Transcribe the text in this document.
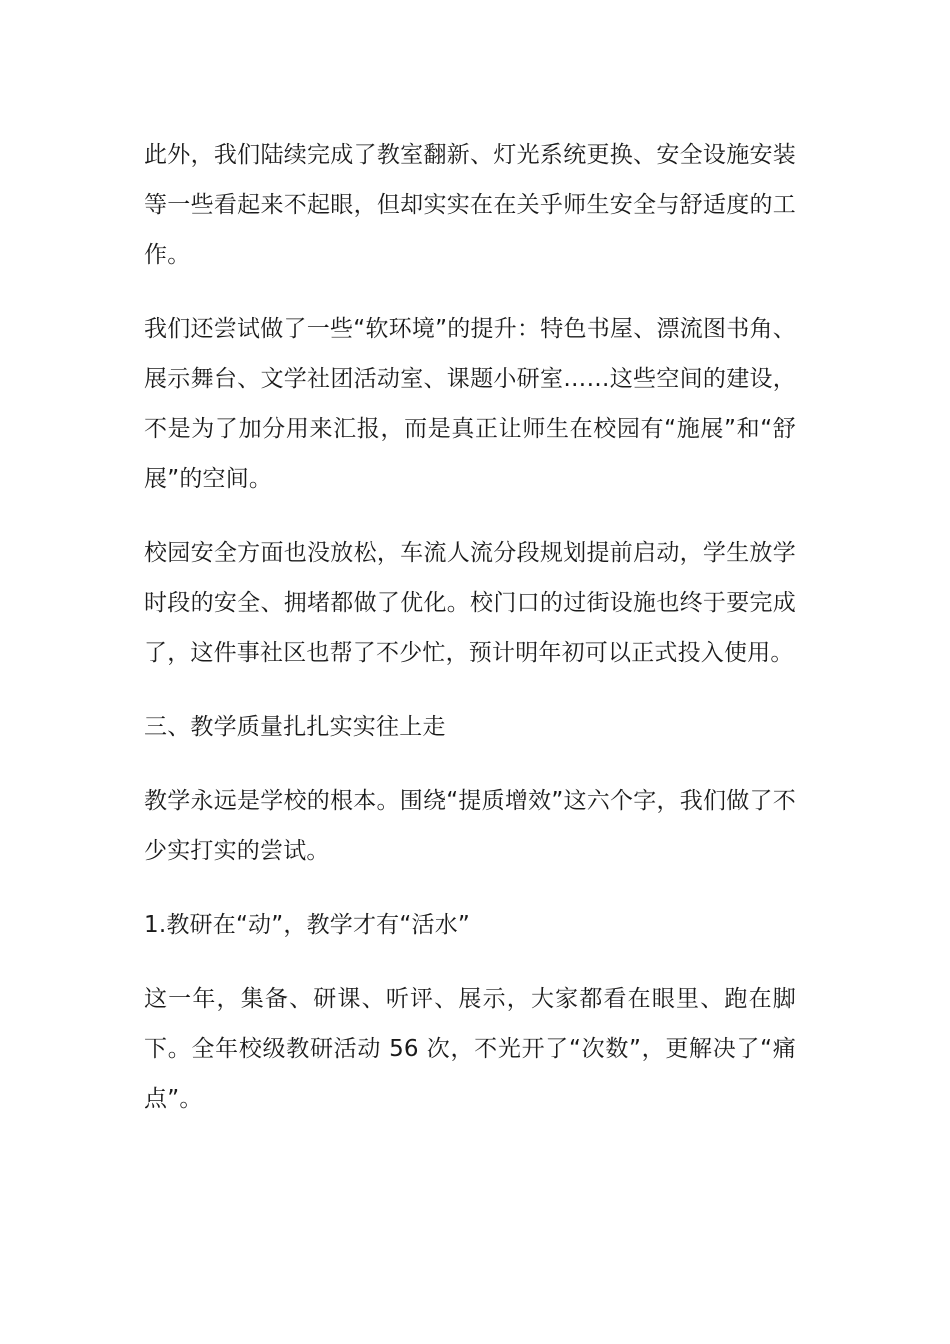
此外，我们陆续完成了教室翻新、灯光系统更换、安全设施安装等一些看起来不起眼，但却实实在在关乎师生安全与舒适度的工作。

我们还尝试做了一些“软环境”的提升：特色书屋、漂流图书角、展示舞台、文学社团活动室、课题小研室……这些空间的建设，不是为了加分用来汇报，而是真正让师生在校园有“施展”和“舒展”的空间。

校园安全方面也没放松，车流人流分段规划提前启动，学生放学时段的安全、拥堵都做了优化。校门口的过街设施也终于要完成了，这件事社区也帮了不少忙，预计明年初可以正式投入使用。

三、教学质量扎扎实实往上走

教学永远是学校的根本。围绕“提质增效”这六个字，我们做了不少实打实的尝试。

1.教研在“动”，教学才有“活水”

这一年，集备、研课、听评、展示，大家都看在眼里、跑在脚下。全年校级教研活动 56 次，不光开了“次数”，更解决了“痛点”。
